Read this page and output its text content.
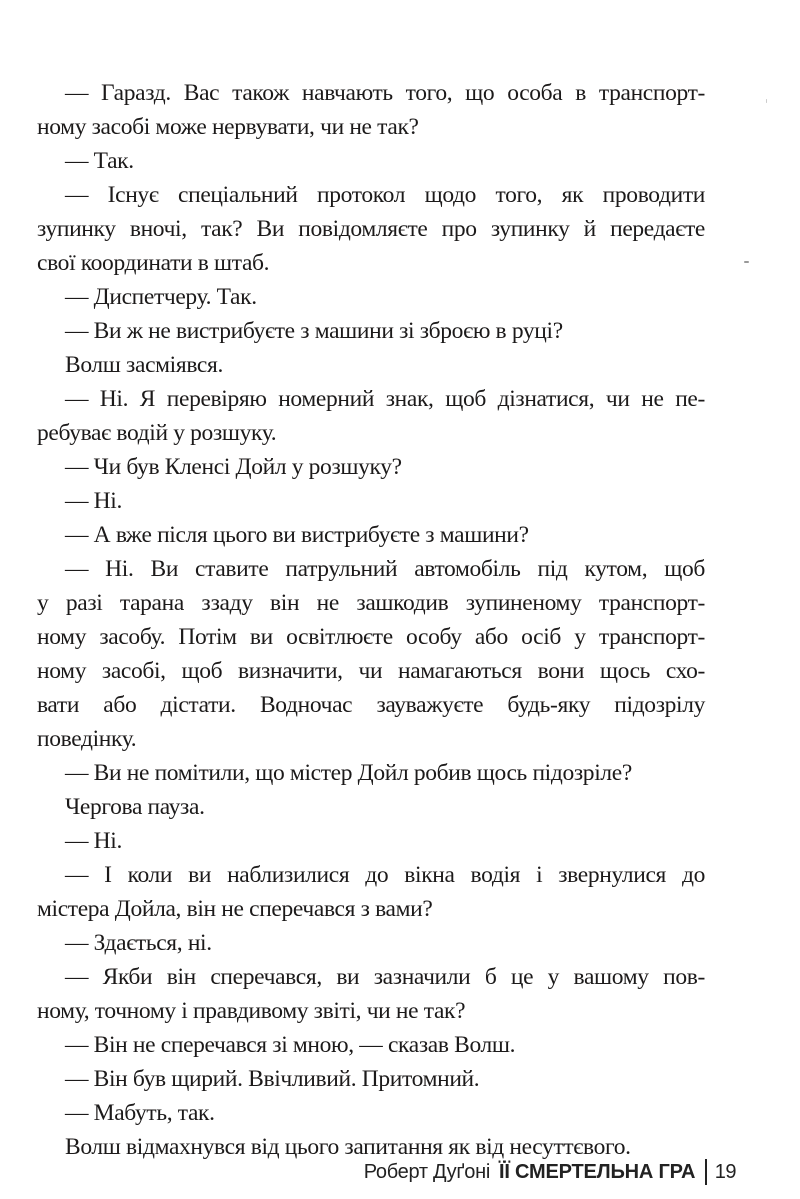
— Гаразд. Вас також навчають того, що особа в транспорт-
ному засобі може нервувати, чи не так?
— Так.
— Існує спеціальний протокол щодо того, як проводити
зупинку вночі, так? Ви повідомляєте про зупинку й передаєте
свої координати в штаб.
— Диспетчеру. Так.
— Ви ж не вистрибуєте з машини зі зброєю в руці?
Волш засміявся.
— Ні. Я перевіряю номерний знак, щоб дізнатися, чи не пе-
ребуває водій у розшуку.
— Чи був Кленсі Дойл у розшуку?
— Ні.
— А вже після цього ви вистрибуєте з машини?
— Ні. Ви ставите патрульний автомобіль під кутом, щоб
у разі тарана ззаду він не зашкодив зупиненому транспорт-
ному засобу. Потім ви освітлюєте особу або осіб у транспорт-
ному засобі, щоб визначити, чи намагаються вони щось схо-
вати або дістати. Водночас зауважуєте будь-яку підозрілу
поведінку.
— Ви не помітили, що містер Дойл робив щось підозріле?
Чергова пауза.
— Ні.
— І коли ви наблизилися до вікна водія і звернулися до
містера Дойла, він не сперечався з вами?
— Здається, ні.
— Якби він сперечався, ви зазначили б це у вашому пов-
ному, точному і правдивому звіті, чи не так?
— Він не сперечався зі мною, — сказав Волш.
— Він був щирий. Ввічливий. Притомний.
— Мабуть, так.
Волш відмахнувся від цього запитання як від несуттєвого.
Роберт Дуґоні ЇЇ СМЕРТЕЛЬНА ГРА 19
